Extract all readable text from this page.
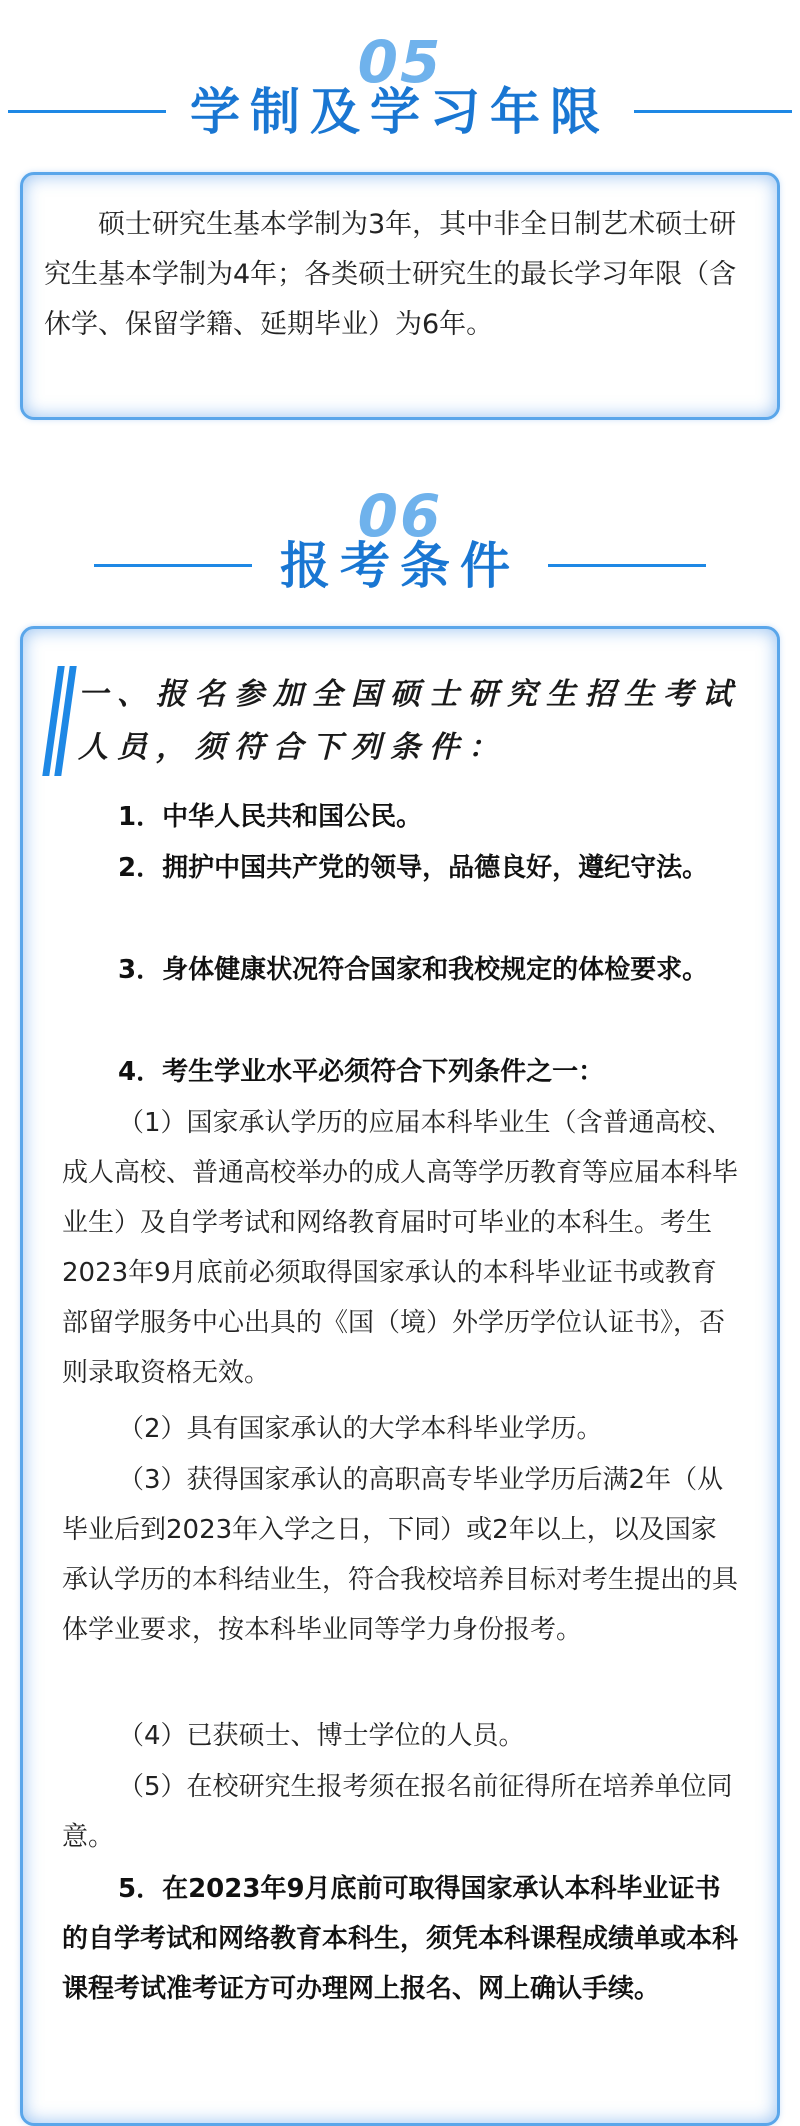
05
学制及学习年限

硕士研究生基本学制为3年，其中非全日制艺术硕士研究生基本学制为4年；各类硕士研究生的最长学习年限（含休学、保留学籍、延期毕业）为6年。

06
报考条件

一、报名参加全国硕士研究生招生考试人员，须符合下列条件：

1．中华人民共和国公民。

2．拥护中国共产党的领导，品德良好，遵纪守法。

3．身体健康状况符合国家和我校规定的体检要求。

4．考生学业水平必须符合下列条件之一：

（1）国家承认学历的应届本科毕业生（含普通高校、成人高校、普通高校举办的成人高等学历教育等应届本科毕业生）及自学考试和网络教育届时可毕业的本科生。考生2023年9月底前必须取得国家承认的本科毕业证书或教育部留学服务中心出具的《国（境）外学历学位认证书》，否则录取资格无效。

（2）具有国家承认的大学本科毕业学历。

（3）获得国家承认的高职高专毕业学历后满2年（从毕业后到2023年入学之日，下同）或2年以上，以及国家承认学历的本科结业生，符合我校培养目标对考生提出的具体学业要求，按本科毕业同等学力身份报考。

（4）已获硕士、博士学位的人员。

（5）在校研究生报考须在报名前征得所在培养单位同意。

5．在2023年9月底前可取得国家承认本科毕业证书的自学考试和网络教育本科生，须凭本科课程成绩单或本科课程考试准考证方可办理网上报名、网上确认手续。
